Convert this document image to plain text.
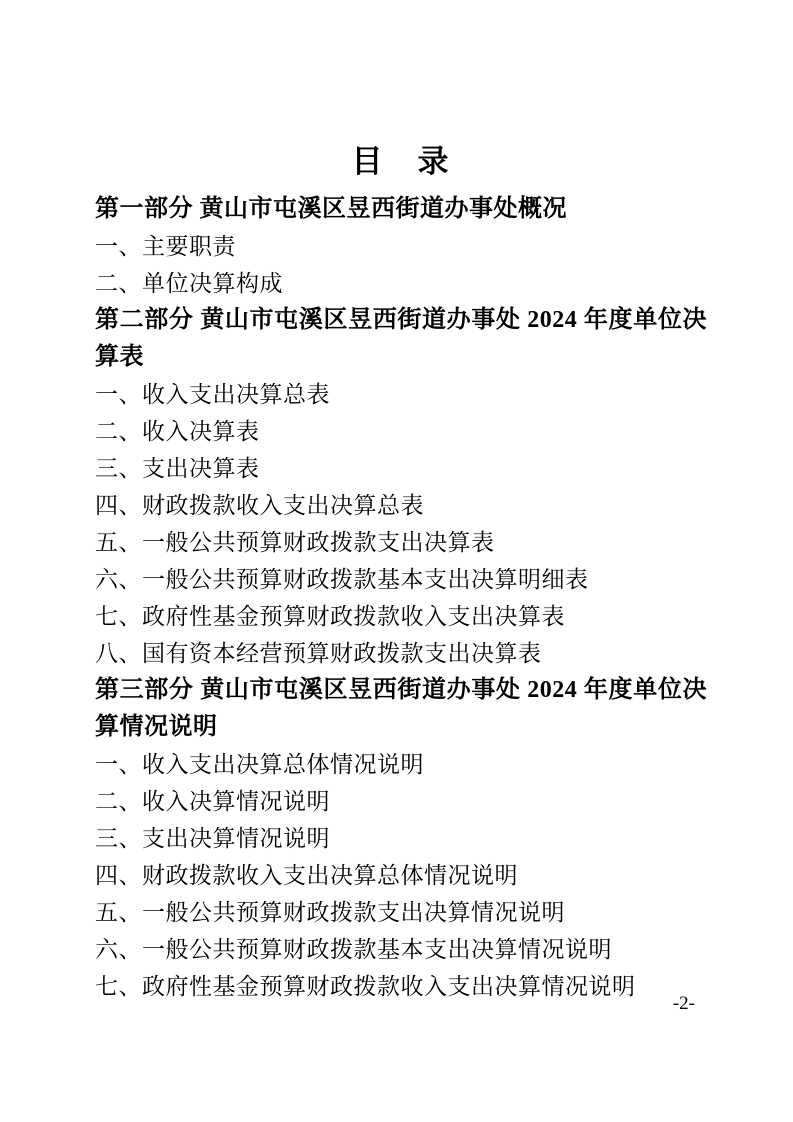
目　录
第一部分 黄山市屯溪区昱西街道办事处概况
一、主要职责
二、单位决算构成
第二部分 黄山市屯溪区昱西街道办事处 2024 年度单位决算表
一、收入支出决算总表
二、收入决算表
三、支出决算表
四、财政拨款收入支出决算总表
五、一般公共预算财政拨款支出决算表
六、一般公共预算财政拨款基本支出决算明细表
七、政府性基金预算财政拨款收入支出决算表
八、国有资本经营预算财政拨款支出决算表
第三部分 黄山市屯溪区昱西街道办事处 2024 年度单位决算情况说明
一、收入支出决算总体情况说明
二、收入决算情况说明
三、支出决算情况说明
四、财政拨款收入支出决算总体情况说明
五、一般公共预算财政拨款支出决算情况说明
六、一般公共预算财政拨款基本支出决算情况说明
七、政府性基金预算财政拨款收入支出决算情况说明
-2-
